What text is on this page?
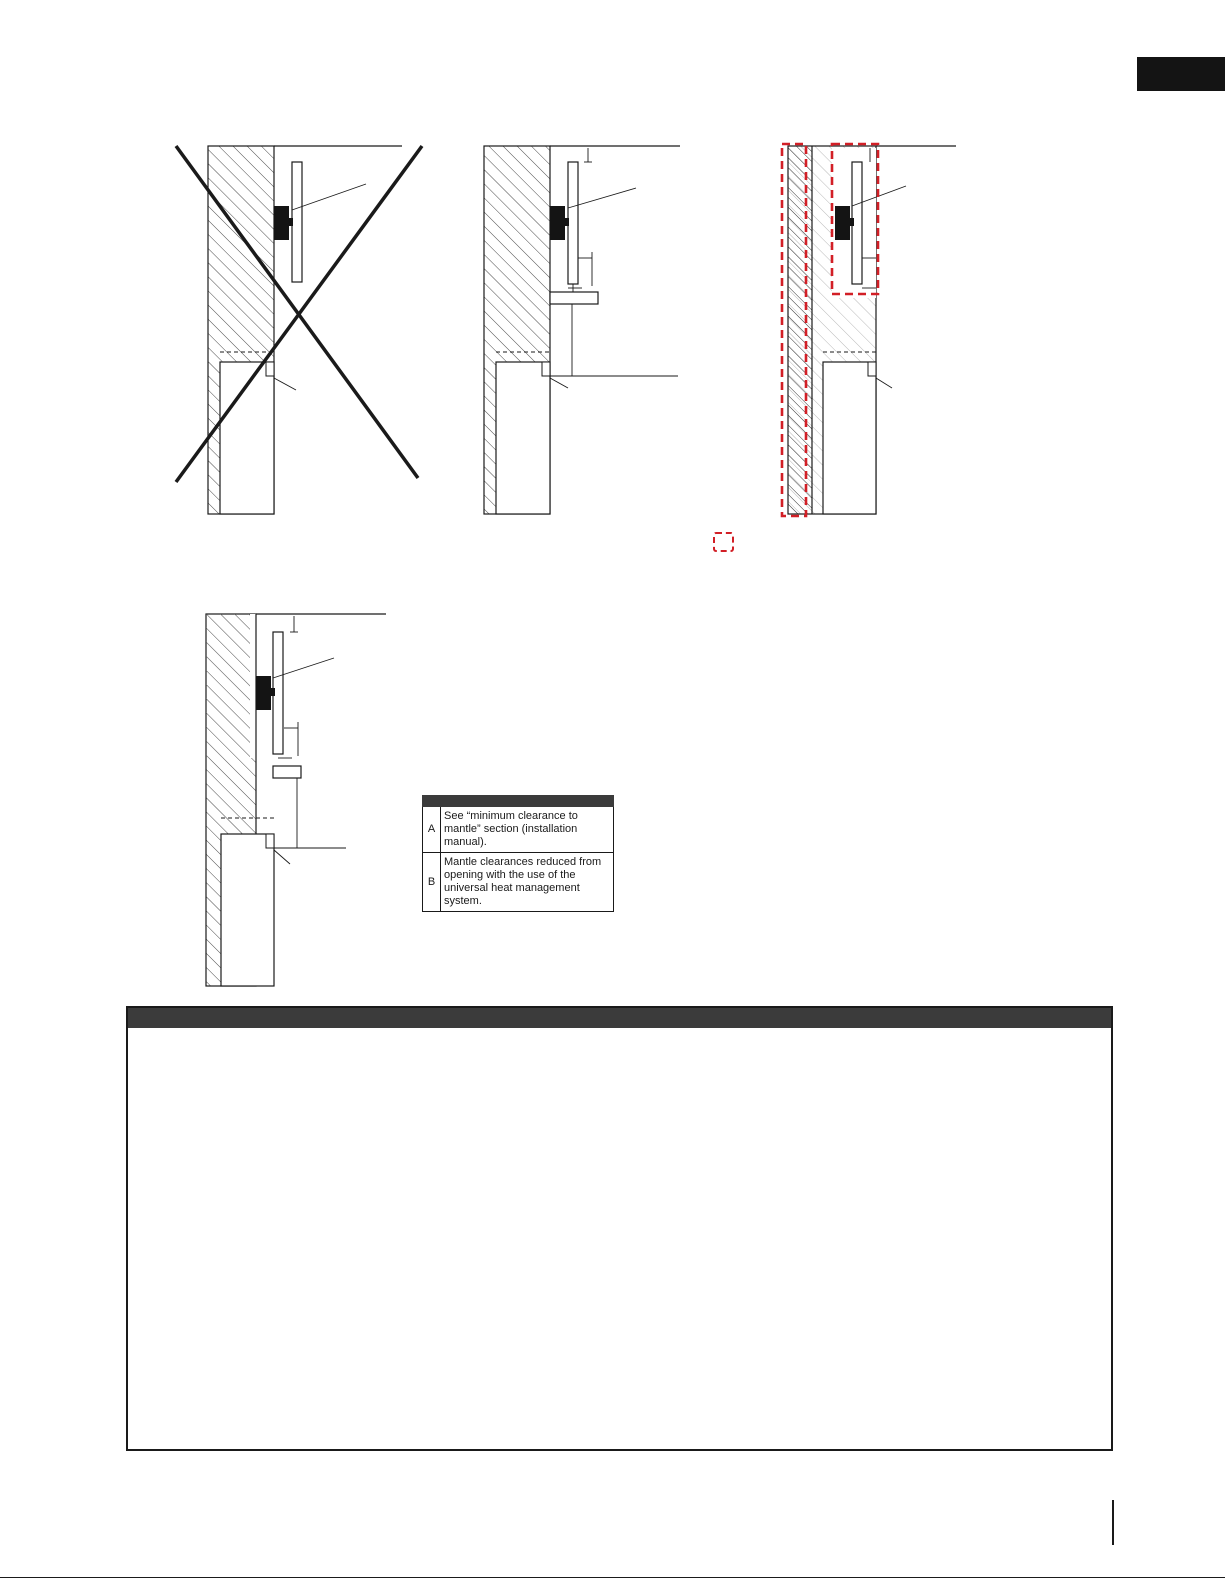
A	See “minimum clearance to mantle” section (installation manual).
B	Mantle clearances reduced from opening with the use of the universal heat management system.
